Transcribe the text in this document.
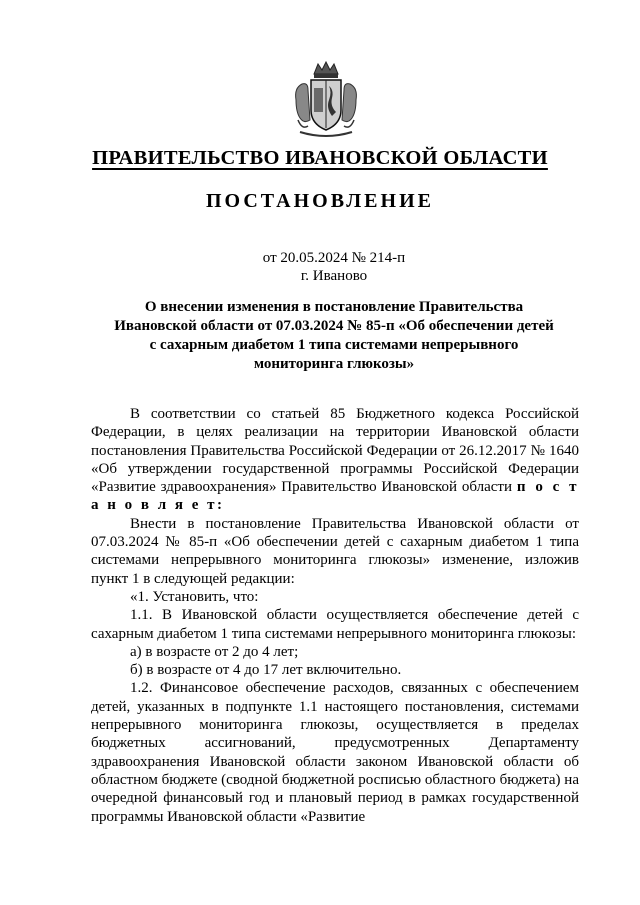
ПРАВИТЕЛЬСТВО ИВАНОВСКОЙ ОБЛАСТИ
ПОСТАНОВЛЕНИЕ
от 20.05.2024 № 214-п
г. Иваново
О внесении изменения в постановление Правительства
Ивановской области от 07.03.2024 № 85-п «Об обеспечении детей
с сахарным диабетом 1 типа системами непрерывного
мониторинга глюкозы»

В соответствии со статьей 85 Бюджетного кодекса Российской Федерации, в целях реализации на территории Ивановской области постановления Правительства Российской Федерации от 26.12.2017 № 1640 «Об утверждении государственной программы Российской Федерации «Развитие здравоохранения» Правительство Ивановской области п о с т а н о в л я е т:

Внести в постановление Правительства Ивановской области от 07.03.2024 № 85-п «Об обеспечении детей с сахарным диабетом 1 типа системами непрерывного мониторинга глюкозы» изменение, изложив пункт 1 в следующей редакции:

«1. Установить, что:

1.1. В Ивановской области осуществляется обеспечение детей с сахарным диабетом 1 типа системами непрерывного мониторинга глюкозы:

а) в возрасте от 2 до 4 лет;

б) в возрасте от 4 до 17 лет включительно.

1.2. Финансовое обеспечение расходов, связанных с обеспечением детей, указанных в подпункте 1.1 настоящего постановления, системами непрерывного мониторинга глюкозы, осуществляется в пределах бюджетных ассигнований, предусмотренных Департаменту здравоохранения Ивановской области законом Ивановской области об областном бюджете (сводной бюджетной росписью областного бюджета) на очередной финансовый год и плановый период в рамках государственной программы Ивановской области «Развитие
